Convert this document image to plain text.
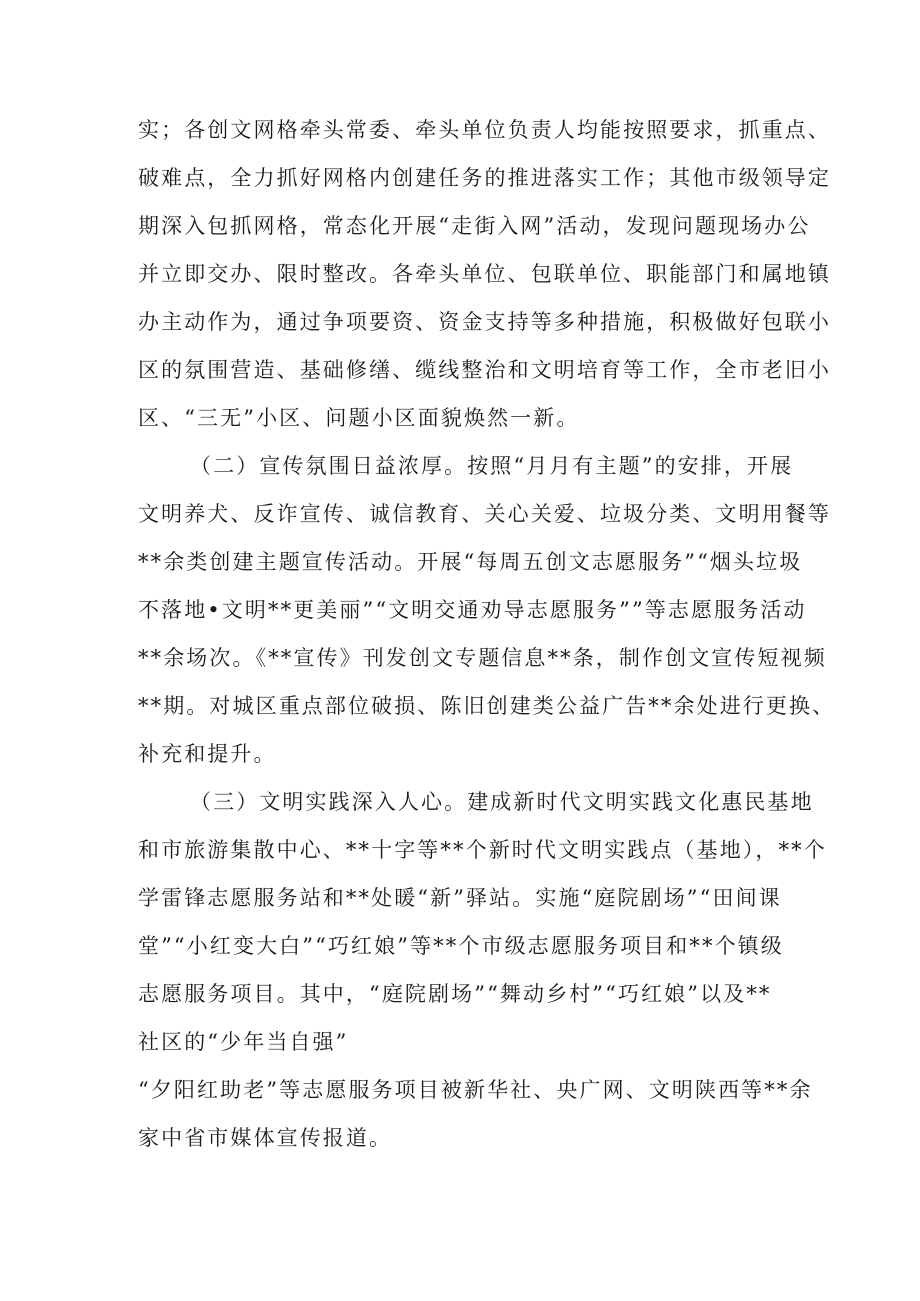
实；各创文网格牵头常委、牵头单位负责人均能按照要求，抓重点、
破难点，全力抓好网格内创建任务的推进落实工作；其他市级领导定
期深入包抓网格，常态化开展“走街入网”活动，发现问题现场办公
并立即交办、限时整改。各牵头单位、包联单位、职能部门和属地镇
办主动作为，通过争项要资、资金支持等多种措施，积极做好包联小
区的氛围营造、基础修缮、缆线整治和文明培育等工作，全市老旧小
区、“三无”小区、问题小区面貌焕然一新。
（二）宣传氛围日益浓厚。按照“月月有主题”的安排，开展
文明养犬、反诈宣传、诚信教育、关心关爱、垃圾分类、文明用餐等
**余类创建主题宣传活动。开展“每周五创文志愿服务”“烟头垃圾
不落地•文明**更美丽”“文明交通劝导志愿服务””等志愿服务活动
**余场次。《**宣传》刊发创文专题信息**条，制作创文宣传短视频
**期。对城区重点部位破损、陈旧创建类公益广告**余处进行更换、
补充和提升。
（三）文明实践深入人心。建成新时代文明实践文化惠民基地
和市旅游集散中心、**十字等**个新时代文明实践点（基地），**个
学雷锋志愿服务站和**处暖“新”驿站。实施“庭院剧场”“田间课
堂”“小红变大白”“巧红娘”等**个市级志愿服务项目和**个镇级
志愿服务项目。其中，“庭院剧场”“舞动乡村”“巧红娘”以及**
社区的“少年当自强”
“夕阳红助老”等志愿服务项目被新华社、央广网、文明陕西等**余
家中省市媒体宣传报道。
